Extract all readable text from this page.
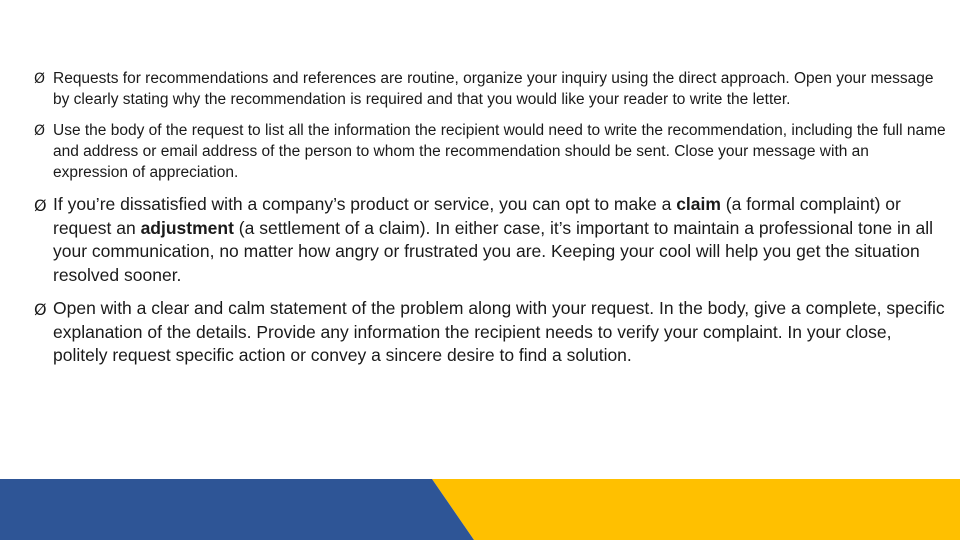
Ø Requests for recommendations and references are routine, organize your inquiry using the direct approach. Open your message by clearly stating why the recommendation is required and that you would like your reader to write the letter.
Ø Use the body of the request to list all the information the recipient would need to write the recommendation, including the full name and address or email address of the person to whom the recommendation should be sent. Close your message with an expression of appreciation.
Ø If you’re dissatisfied with a company’s product or service, you can opt to make a claim (a formal complaint) or request an adjustment (a settlement of a claim). In either case, it’s important to maintain a professional tone in all your communication, no matter how angry or frustrated you are. Keeping your cool will help you get the situation resolved sooner.
Ø Open with a clear and calm statement of the problem along with your request. In the body, give a complete, specific explanation of the details. Provide any information the recipient needs to verify your complaint. In your close, politely request specific action or convey a sincere desire to find a solution.
